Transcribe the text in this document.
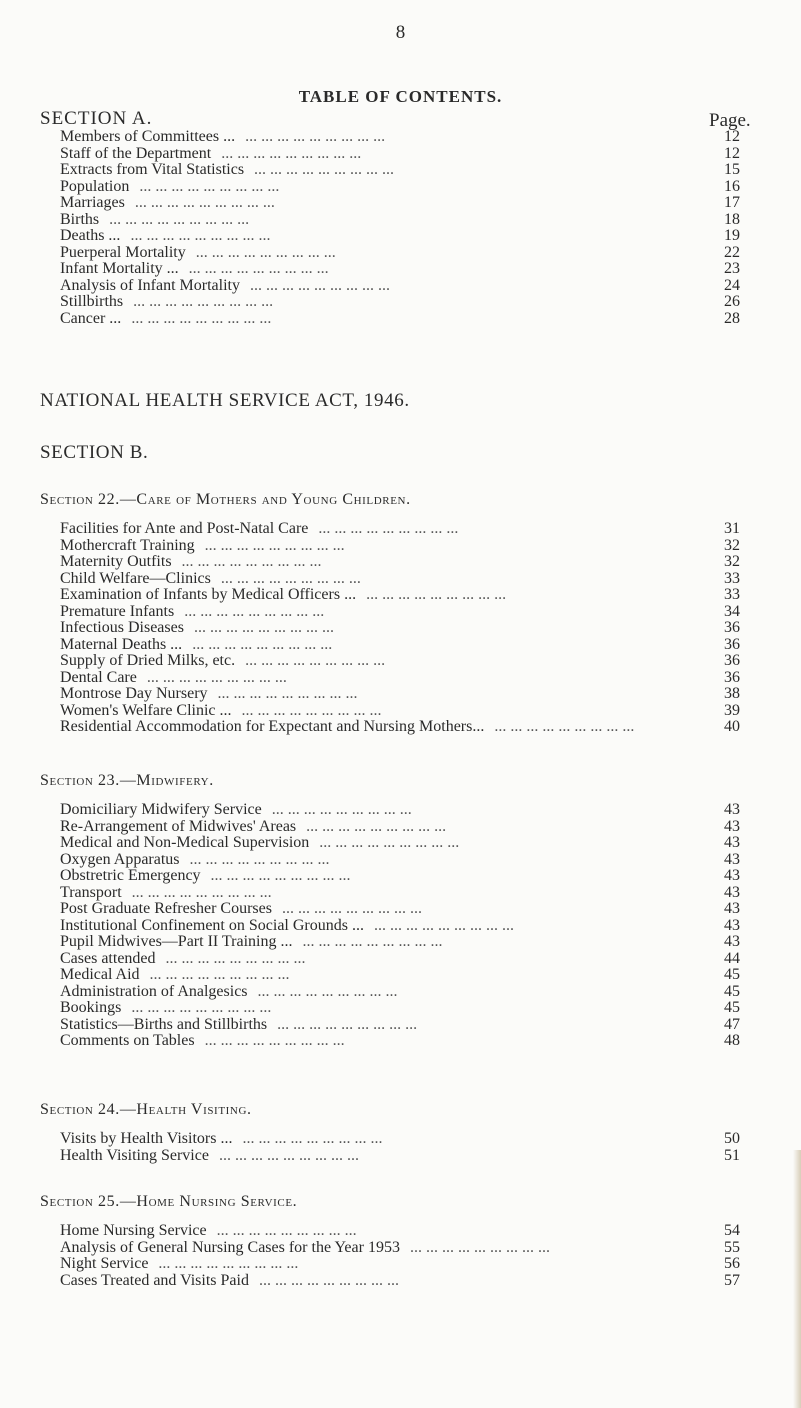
8
TABLE OF CONTENTS.
SECTION A.	Page.
Members of Committees ... ...	12
Staff of the Department ...	12
Extracts from Vital Statistics ...	15
Population ...	16
Marriages ...	17
Births ...	18
Deaths ... ...	19
Puerperal Mortality ...	22
Infant Mortality ... ...	23
Analysis of Infant Mortality ...	24
Stillbirths ...	26
Cancer ... ...	28
NATIONAL HEALTH SERVICE ACT, 1946.
SECTION B.
Section 22.—Care of Mothers and Young Children.
Facilities for Ante and Post-Natal Care ...	31
Mothercraft Training ...	32
Maternity Outfits ...	32
Child Welfare—Clinics ...	33
Examination of Infants by Medical Officers ... ...	33
Premature Infants ...	34
Infectious Diseases ...	36
Maternal Deaths ... ...	36
Supply of Dried Milks, etc. ...	36
Dental Care ...	36
Montrose Day Nursery ...	38
Women's Welfare Clinic ... ...	39
Residential Accommodation for Expectant and Nursing Mothers... ...	40
Section 23.—Midwifery.
Domiciliary Midwifery Service ...	43
Re-Arrangement of Midwives' Areas ...	43
Medical and Non-Medical Supervision ...	43
Oxygen Apparatus ...	43
Obstretric Emergency ...	43
Transport ...	43
Post Graduate Refresher Courses ...	43
Institutional Confinement on Social Grounds ... ...	43
Pupil Midwives—Part II Training ... ...	43
Cases attended ...	44
Medical Aid ...	45
Administration of Analgesics ...	45
Bookings ...	45
Statistics—Births and Stillbirths ...	47
Comments on Tables ...	48
Section 24.—Health Visiting.
Visits by Health Visitors ... ...	50
Health Visiting Service ...	51
Section 25.—Home Nursing Service.
Home Nursing Service ...	54
Analysis of General Nursing Cases for the Year 1953 ...	55
Night Service ...	56
Cases Treated and Visits Paid ...	57
